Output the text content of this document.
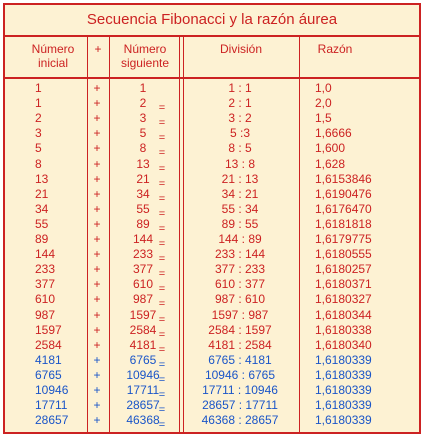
Secuencia Fibonacci y la razón áurea
Número
inicial
+	Número
siguiente
División	Razón
1	+	1	1 : 1	1,0
1	+	2	=	2 : 1	2,0
2	+	3	=	3 : 2	1,5
3	+	5	=	5 :3	1,6666
5	+	8	=	8 : 5	1,600
8	+	13 =	13 : 8	1,628
13	+	21 =	21 : 13	1,6153846
21	+	34 =	34 : 21	1,6190476
34	+	55 =	55 : 34	1,6176470
55	+	89 =	89 : 55	1,6181818
89	+	144 =	144 : 89	1,6179775
144	+	233 =	233 : 144	1,6180555
233	+	377 =	377 : 233	1,6180257
377	+	610 =	610 : 377	1,6180371
610	+	987 =	987 : 610	1,6180327
987	+	1597 =	1597 : 987	1,6180344
1597	+	2584 =	2584 : 1597	1,6180338
2584	+	4181 =	4181 : 2584	1,6180340
4181	+	6765 =	6765 : 4181	1,6180339
6765	+	10946 =	10946 : 6765	1,6180339
10946	+	17711 =	17711 : 10946	1,6180339
17711	+	28657 =	28657 : 17711	1,6180339
28657	+	46368 =	46368 : 28657	1,6180339
